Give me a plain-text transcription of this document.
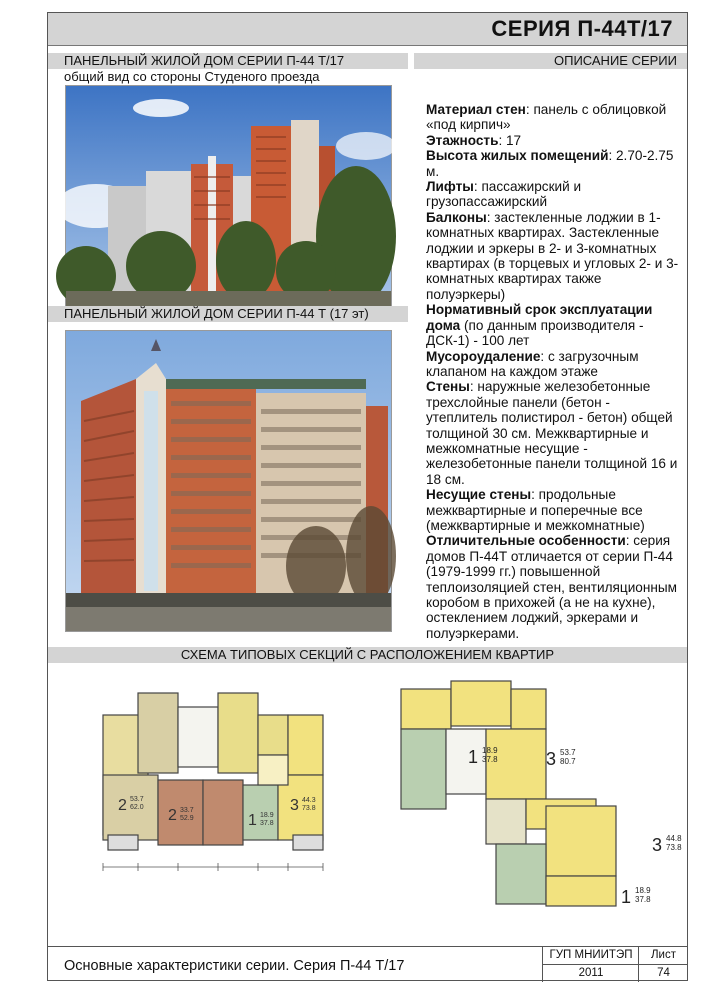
СЕРИЯ П-44Т/17
ПАНЕЛЬНЫЙ ЖИЛОЙ ДОМ СЕРИИ П-44 Т/17
общий вид со стороны Студеного проезда
ОПИСАНИЕ СЕРИИ
ПАНЕЛЬНЫЙ ЖИЛОЙ ДОМ СЕРИИ П-44 Т (17 эт)

Материал стен: панель с облицовкой «под кирпич»

Этажность: 17

Высота жилых помещений: 2.70-2.75 м.

Лифты: пассажирский и грузопассажирский

Балконы: застекленные лоджии в 1-комнатных квартирах. Застекленные лоджии и эркеры в 2- и 3-комнатных квартирах (в торцевых и угловых 2- и 3-комнатных квартирах также полуэркеры)

Нормативный срок эксплуатации дома (по данным производителя - ДСК-1) - 100 лет

Мусороудаление: с загрузочным клапаном на каждом этаже

Стены: наружные железобетонные трехслойные панели (бетон - утеплитель полистирол - бетон) общей толщиной 30 см. Межквартирные и межкомнатные несущие - железобетонные панели толщиной 16 и 18 см.

Несущие стены: продольные межквартирные и поперечные все (межквартирные и межкомнатные)

Отличительные особенности: серия домов П-44Т отличается от серии П-44 (1979-1999 гг.) повышенной теплоизоляцией стен, вентиляционным коробом в прихожей (а не на кухне), остеклением лоджий, эркерами и полуэркерами.

СХЕМА ТИПОВЫХ СЕКЦИЙ С РАСПОЛОЖЕНИЕМ КВАРТИР
2 53.7
62.0 2 33.7
52.9	1 18.9
37.8
3 44.3
73.8
1 18.9
37.8	3 53.7
80.7
3 44.8
73.8
1 18.9
37.8
Основные характеристики серии. Серия П-44 Т/17
ГУП МНИИТЭП
2011
Лист
74
